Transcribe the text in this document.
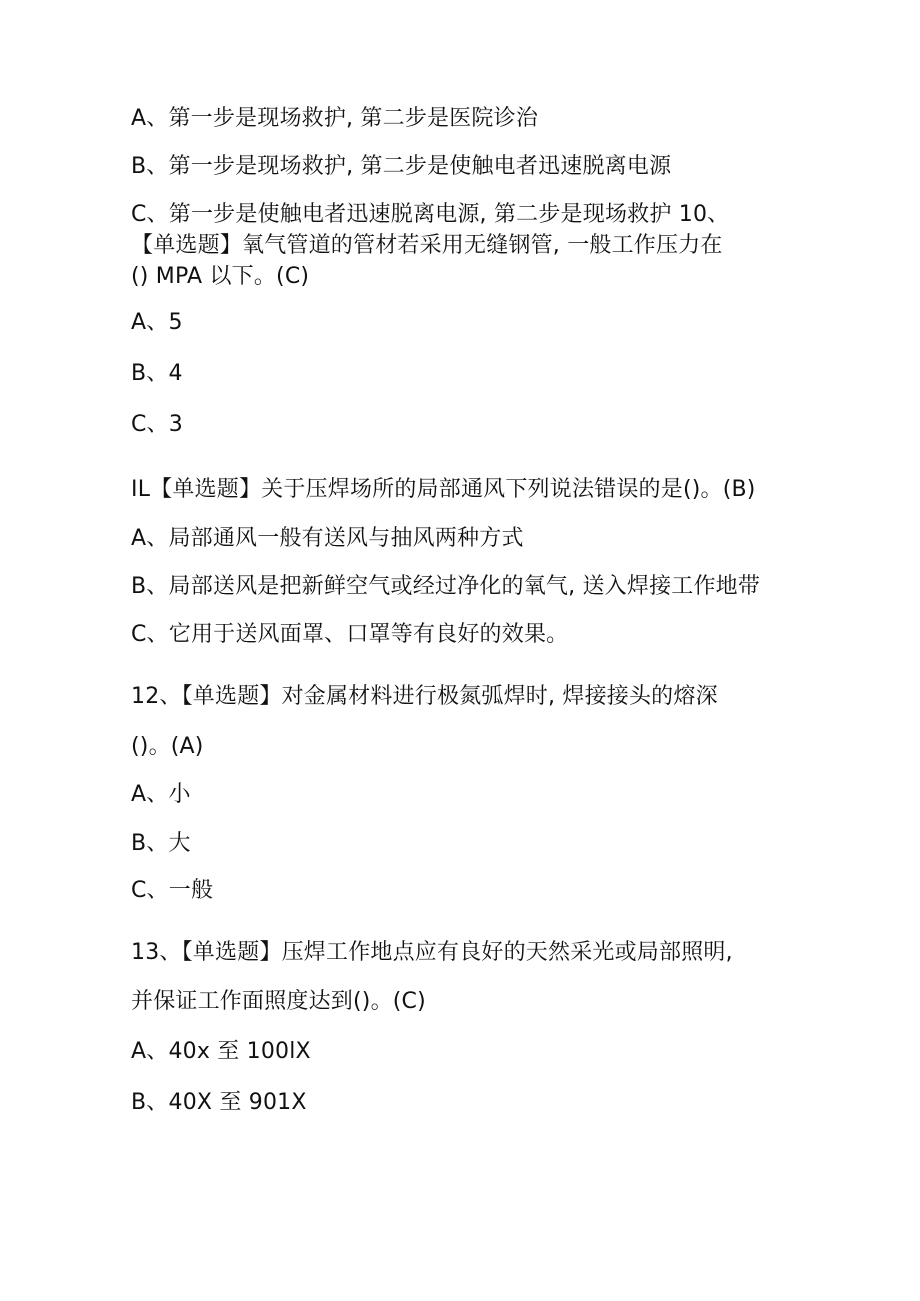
A、第一步是现场救护, 第二步是医院诊治

B、第一步是现场救护, 第二步是使触电者迅速脱离电源

C、第一步是使触电者迅速脱离电源, 第二步是现场救护 10、

【单选题】氧气管道的管材若采用无缝钢管, 一般工作压力在

() MPA 以下。(C)

A、5

B、4

C、3

IL【单选题】关于压焊场所的局部通风下列说法错误的是()。(B)

A、局部通风一般有送风与抽风两种方式

B、局部送风是把新鲜空气或经过净化的氧气, 送入焊接工作地带

C、它用于送风面罩、口罩等有良好的效果。

12、【单选题】对金属材料进行极氮弧焊时, 焊接接头的熔深

()。(A)

A、小

B、大

C、一般

13、【单选题】压焊工作地点应有良好的天然采光或局部照明,

并保证工作面照度达到()。(C)

A、40x 至 100lX

B、40X 至 901X
